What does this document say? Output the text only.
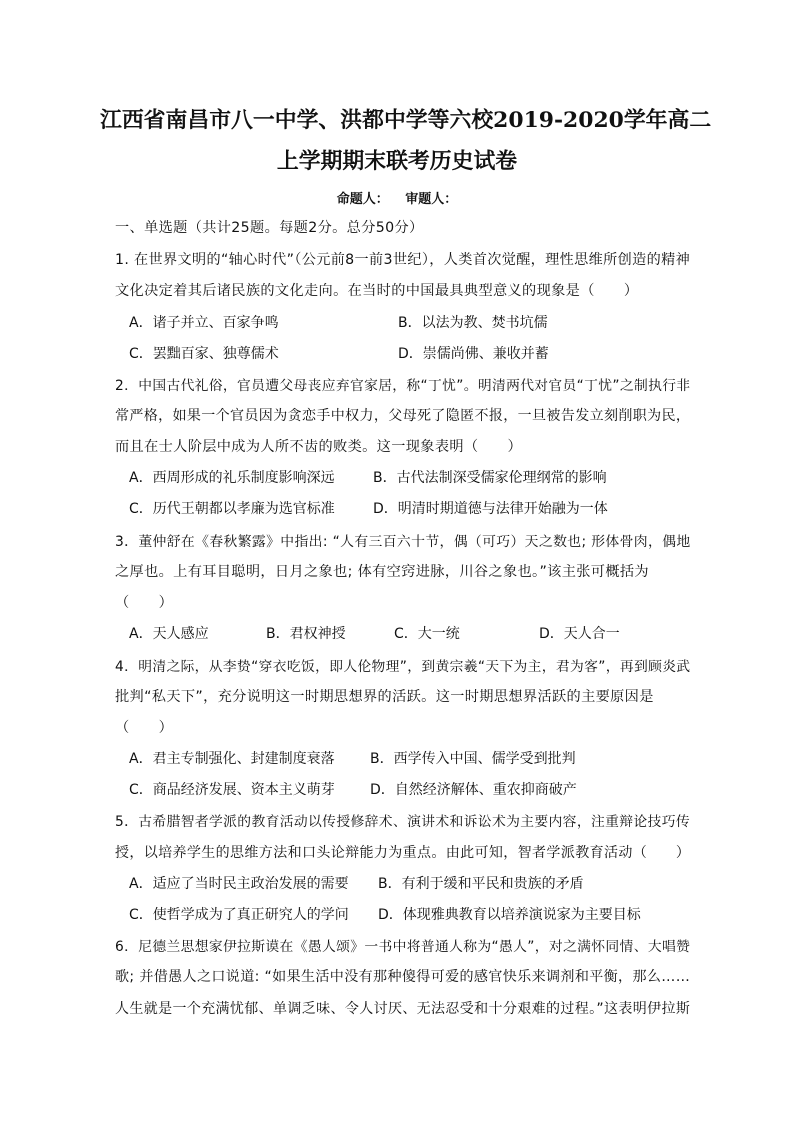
江西省南昌市八一中学、洪都中学等六校2019-2020学年高二
上学期期末联考历史试卷
命题人： 审题人：
一、单选题（共计25题。每题2分。总分50分）
1. 在世界文明的“轴心时代”（公元前8一前3世纪），人类首次觉醒，理性思维所创造的精神
文化决定着其后诸民族的文化走向。在当时的中国最具典型意义的现象是（　　）
A．诸子并立、百家争鸣	B．以法为教、焚书坑儒
C．罢黜百家、独尊儒术	D．崇儒尚佛、兼收并蓄
2．中国古代礼俗，官员遭父母丧应弃官家居，称“丁忧”。明清两代对官员“丁忧”之制执行非
常严格，如果一个官员因为贪恋手中权力，父母死了隐匿不报，一旦被告发立刻削职为民，
而且在士人阶层中成为人所不齿的败类。这一现象表明（　　）
A．西周形成的礼乐制度影响深远	B．古代法制深受儒家伦理纲常的影响
C．历代王朝都以孝廉为选官标准	D．明清时期道德与法律开始融为一体
3．董仲舒在《春秋繁露》中指出: “人有三百六十节，偶（可巧）天之数也; 形体骨肉，偶地
之厚也。上有耳目聪明，日月之象也; 体有空窍进脉，川谷之象也。”该主张可概括为
（　　）
A．天人感应	B．君权神授	C．大一统	D．天人合一
4．明清之际，从李贽“穿衣吃饭，即人伦物理”，到黄宗羲“天下为主，君为客”，再到顾炎武
批判“私天下”，充分说明这一时期思想界的活跃。这一时期思想界活跃的主要原因是
（　　）
A．君主专制强化、封建制度衰落	B．西学传入中国、儒学受到批判
C．商品经济发展、资本主义萌芽	D．自然经济解体、重农抑商破产
5．古希腊智者学派的教育活动以传授修辞术、演讲术和诉讼术为主要内容，注重辩论技巧传
授，以培养学生的思维方法和口头论辩能力为重点。由此可知，智者学派教育活动（　　）
A．适应了当时民主政治发展的需要 B．有利于缓和平民和贵族的矛盾
C．使哲学成为了真正研究人的学问 D．体现雅典教育以培养演说家为主要目标
6．尼德兰思想家伊拉斯谟在《愚人颂》一书中将普通人称为“愚人”，对之满怀同情、大唱赞
歌; 并借愚人之口说道: “如果生活中没有那种傻得可爱的感官快乐来调剂和平衡，那么……
人生就是一个充满忧郁、单调乏味、令人讨厌、无法忍受和十分艰难的过程。”这表明伊拉斯
